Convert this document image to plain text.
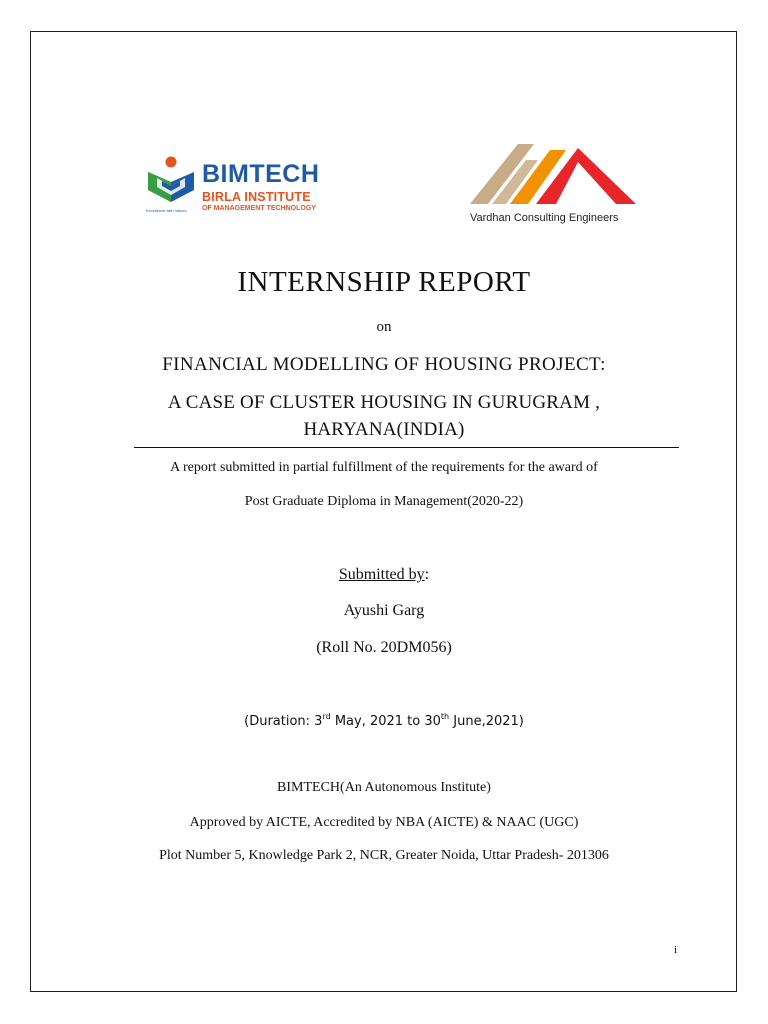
Excellence with Values
BIMTECH
BIRLA INSTITUTE
OF MANAGEMENT TECHNOLOGY
Vardhan Consulting Engineers
INTERNSHIP REPORT
on
FINANCIAL MODELLING OF HOUSING PROJECT:
A CASE OF CLUSTER HOUSING IN GURUGRAM ,
HARYANA(INDIA)
A report submitted in partial fulfillment of the requirements for the award of
Post Graduate Diploma in Management(2020-22)
Submitted by:
Ayushi Garg
(Roll No. 20DM056)
(Duration: 3rd May, 2021 to 30th June,2021)
BIMTECH(An Autonomous Institute)
Approved by AICTE, Accredited by NBA (AICTE) & NAAC (UGC)
Plot Number 5, Knowledge Park 2, NCR, Greater Noida, Uttar Pradesh- 201306
i
